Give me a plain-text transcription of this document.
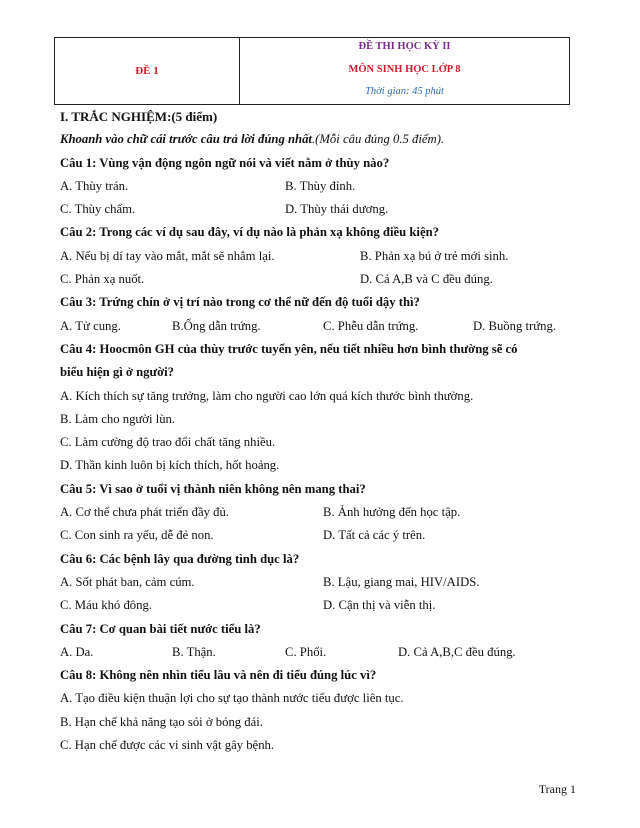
ĐỀ 1
ĐỀ THI HỌC KỲ II
MÔN SINH HỌC LỚP 8
Thời gian: 45 phút
I. TRẮC NGHIỆM:(5 điểm)
Khoanh vào chữ cái trước câu trả lời đúng nhất.(Mỗi câu đúng 0.5 điểm).
Câu 1: Vùng vận động ngôn ngữ nói và viết nằm ở thùy nào?
A. Thùy trán.	B. Thùy đỉnh.
C. Thùy chẩm.	D. Thùy thái dương.
Câu 2: Trong các ví dụ sau đây, ví dụ nào là phản xạ không điều kiện?
A. Nếu bị dí tay vào mắt, mắt sẽ nhắm lại.	B. Phản xạ bú ở trẻ mới sinh.
C. Phản xạ nuốt.	D. Cả A,B và C đều đúng.
Câu 3: Trứng chín ở vị trí nào trong cơ thể nữ đến độ tuổi dậy thì?
A. Tử cung.	B.Ống dẫn trứng.	C. Phễu dẫn trứng.	D. Buồng trứng.
Câu 4: Hoocmôn GH của thùy trước tuyến yên, nếu tiết nhiều hơn bình thường sẽ có
biểu hiện gì ở người?
A. Kích thích sự tăng trưởng, làm cho người cao lớn quá kích thước bình thường.
B. Làm cho người lùn.
C. Làm cường độ trao đổi chất tăng nhiều.
D. Thần kinh luôn bị kích thích, hốt hoảng.
Câu 5: Vì sao ở tuổi vị thành niên không nên mang thai?
A. Cơ thể chưa phát triển đầy đủ.	B. Ảnh hưởng đến học tập.
C. Con sinh ra yếu, dễ đẻ non.	D. Tất cả các ý trên.
Câu 6: Các bệnh lây qua đường tình dục là?
A. Sốt phát ban, cảm cúm.	B. Lậu, giang mai, HIV/AIDS.
C. Máu khó đông.	D. Cận thị và viễn thị.
Câu 7: Cơ quan bài tiết nước tiểu là?
A. Da.	B. Thận.	C. Phổi.	D. Cả A,B,C đều đúng.
Câu 8: Không nên nhìn tiểu lâu và nên đi tiểu đúng lúc vì?
A. Tạo điều kiện thuận lợi cho sự tạo thành nước tiểu được liên tục.
B. Hạn chế khả năng tạo sỏi ở bóng đái.
C. Hạn chế được các vi sinh vật gây bệnh.
Trang 1
